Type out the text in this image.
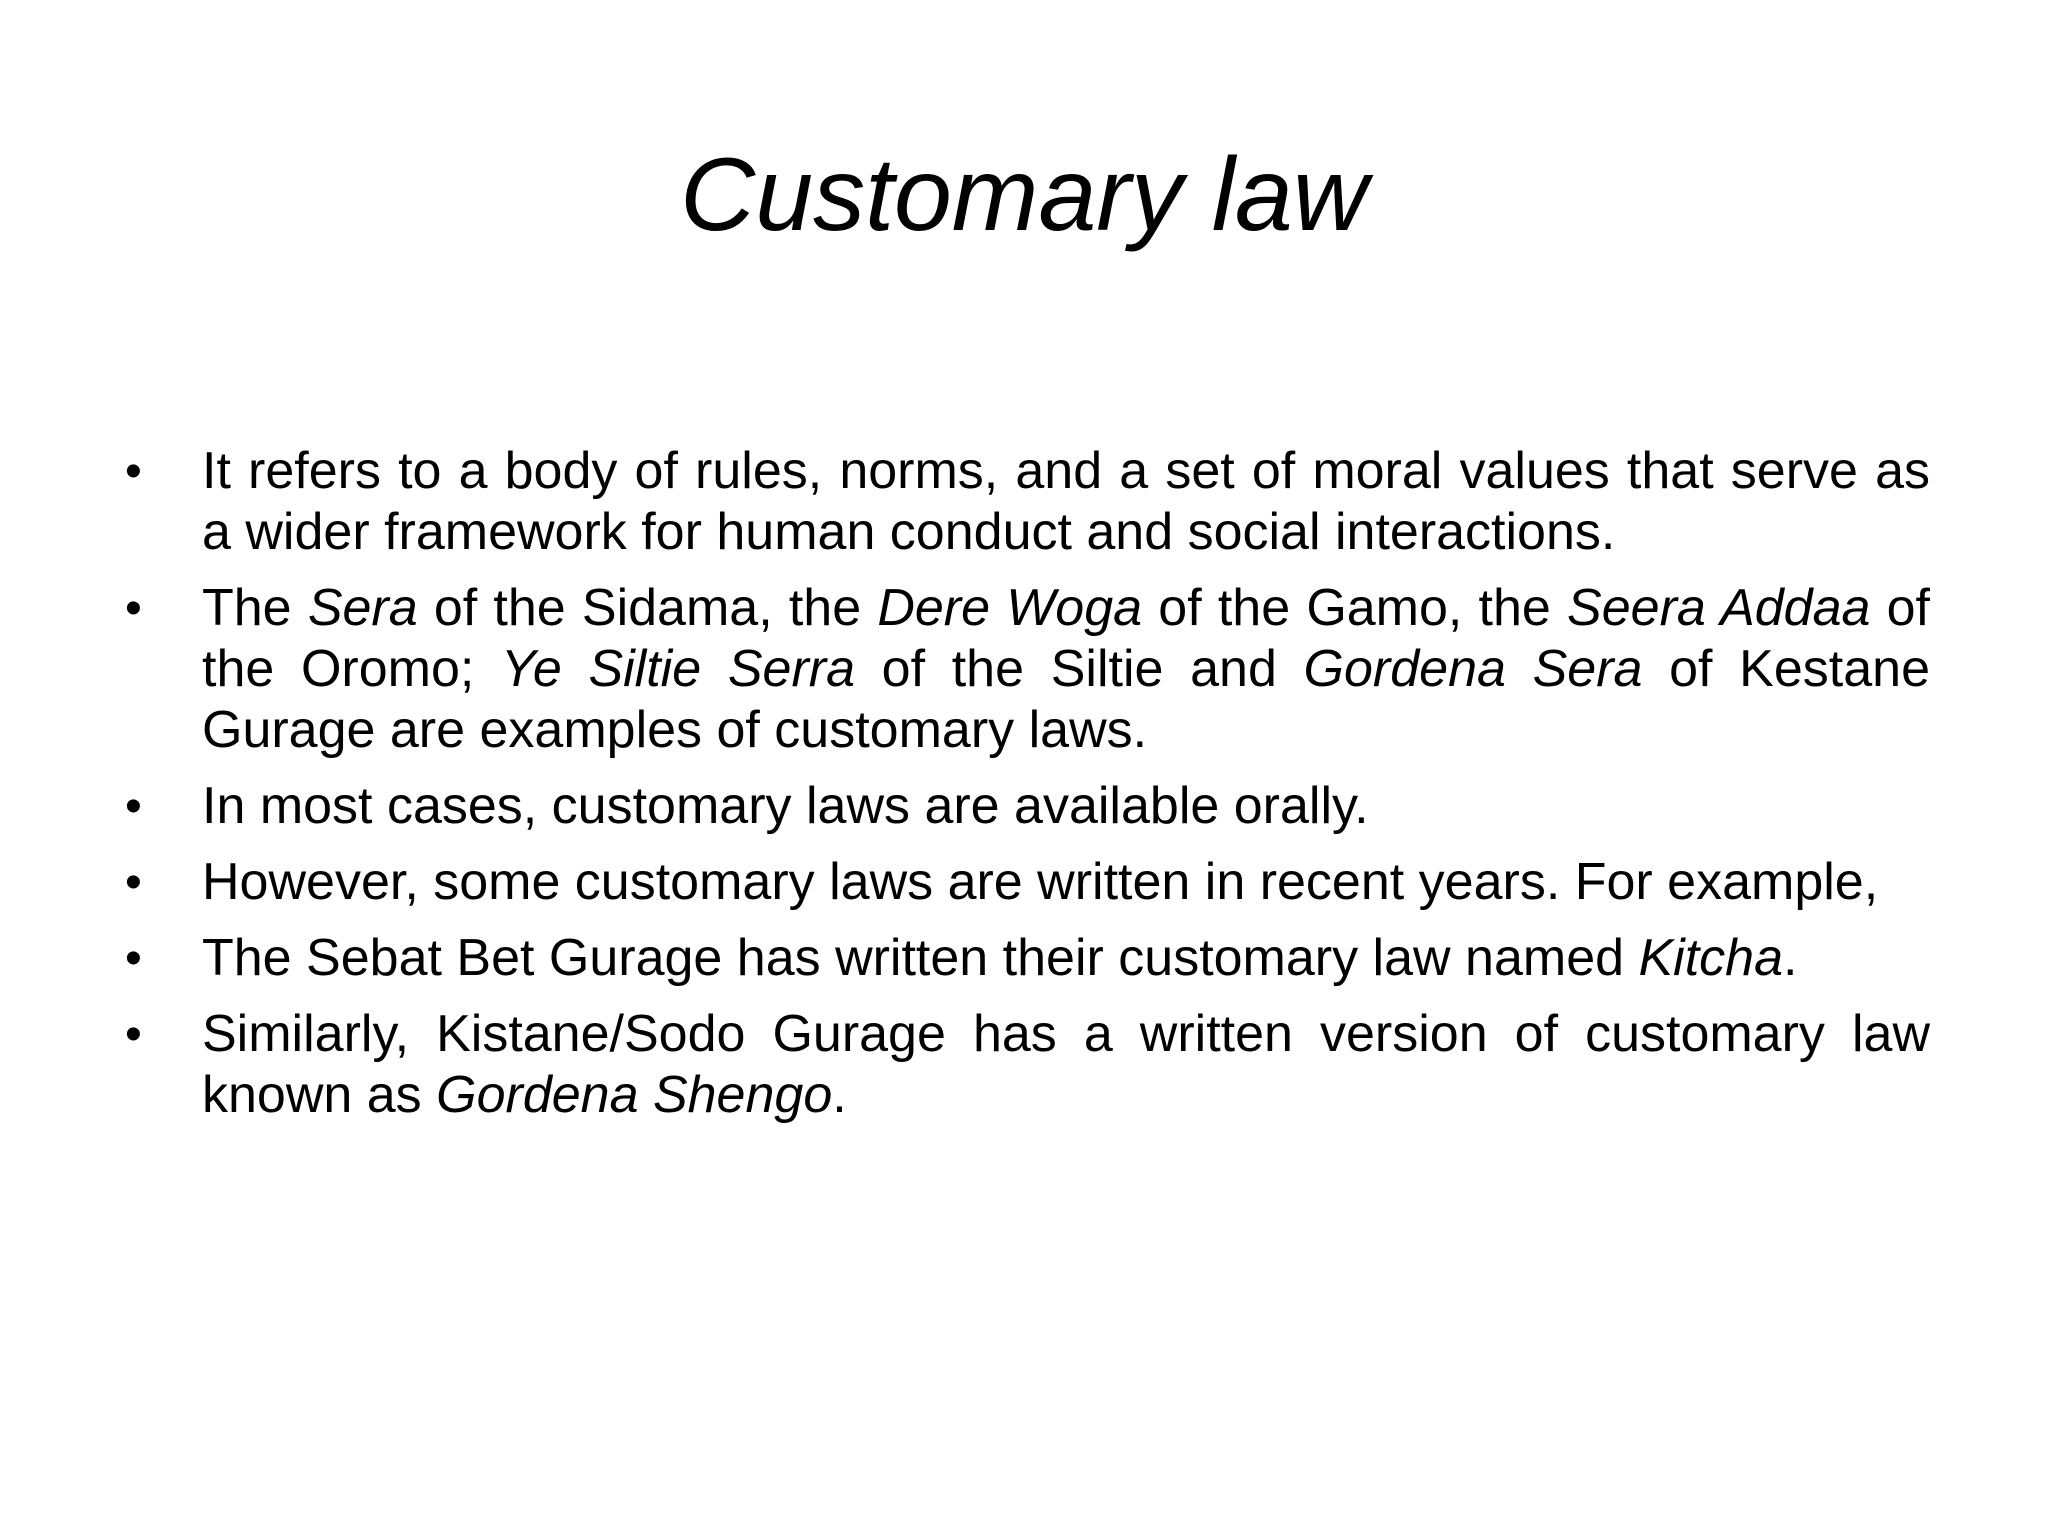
Customary law
•	It refers to a body of rules, norms, and a set of moral values that serve as a wider framework for human conduct and social interactions.
•	The Sera of the Sidama, the Dere Woga of the Gamo, the Seera Addaa of the Oromo; Ye Siltie Serra of the Siltie and Gordena Sera of Kestane Gurage are examples of customary laws.
•	In most cases, customary laws are available orally.
•	However, some customary laws are written in recent years. For example,
•	The Sebat Bet Gurage has written their customary law named Kitcha.
•	Similarly, Kistane/Sodo Gurage has a written version of customary law known as Gordena Shengo.
